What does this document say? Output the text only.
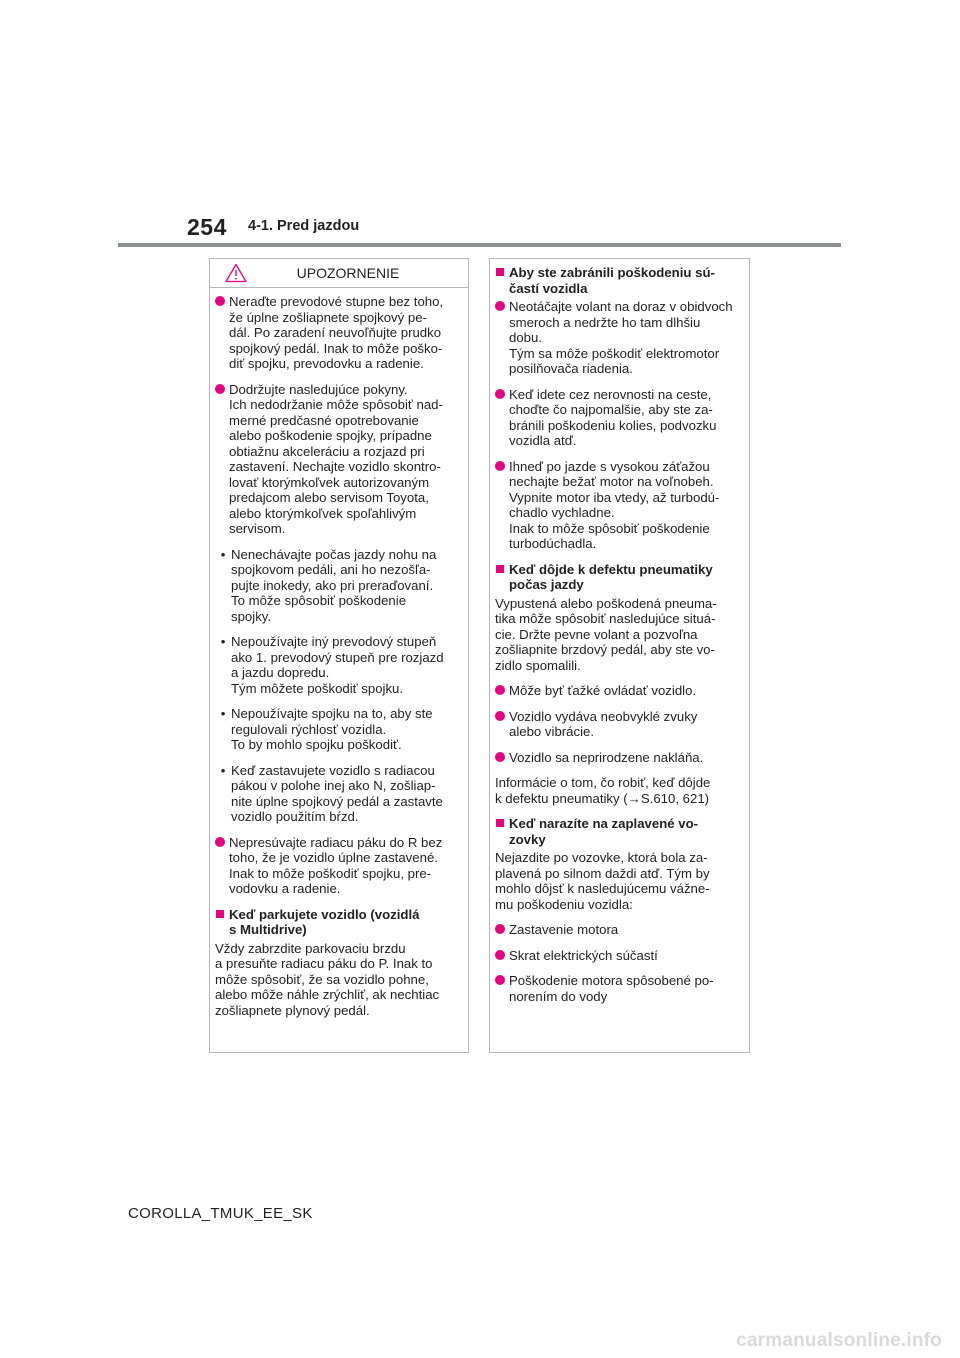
254 4-1. Pred jazdou
UPOZORNENIE
Neraďte prevodové stupne bez toho,
že úplne zošliapnete spojkový pe-
dál. Po zaradení neuvoľňujte prudko
spojkový pedál. Inak to môže poško-
diť spojku, prevodovku a radenie.
Dodržujte nasledujúce pokyny.
Ich nedodržanie môže spôsobiť nad-
merné predčasné opotrebovanie
alebo poškodenie spojky, prípadne
obtiažnu akceleráciu a rozjazd pri
zastavení. Nechajte vozidlo skontro-
lovať ktorýmkoľvek autorizovaným
predajcom alebo servisom Toyota,
alebo ktorýmkoľvek spoľahlivým
servisom.
• Nenechávajte počas jazdy nohu na
spojkovom pedáli, ani ho nezošľa-
pujte inokedy, ako pri preraďovaní.
To môže spôsobiť poškodenie
spojky.
• Nepoužívajte iný prevodový stupeň
ako 1. prevodový stupeň pre rozjazd
a jazdu dopredu.
Tým môžete poškodiť spojku.
• Nepoužívajte spojku na to, aby ste
regulovali rýchlosť vozidla.
To by mohlo spojku poškodiť.
• Keď zastavujete vozidlo s radiacou
pákou v polohe inej ako N, zošliap-
nite úplne spojkový pedál a zastavte
vozidlo použitím bŕzd.
Nepresúvajte radiacu páku do R bez
toho, že je vozidlo úplne zastavené.
Inak to môže poškodiť spojku, pre-
vodovku a radenie.
Keď parkujete vozidlo (vozidlá
s Multidrive)
Vždy zabrzdite parkovaciu brzdu
a presuňte radiacu páku do P. Inak to
môže spôsobiť, že sa vozidlo pohne,
alebo môže náhle zrýchliť, ak nechtiac
zošliapnete plynový pedál.
Aby ste zabránili poškodeniu sú-
častí vozidla
Neotáčajte volant na doraz v obidvoch
smeroch a nedržte ho tam dlhšiu
dobu.
Tým sa môže poškodiť elektromotor
posilňovača riadenia.
Keď idete cez nerovnosti na ceste,
choďte čo najpomalšie, aby ste za-
bránili poškodeniu kolies, podvozku
vozidla atď.
Ihneď po jazde s vysokou záťažou
nechajte bežať motor na voľnobeh.
Vypnite motor iba vtedy, až turbodú-
chadlo vychladne.
Inak to môže spôsobiť poškodenie
turbodúchadla.
Keď dôjde k defektu pneumatiky
počas jazdy
Vypustená alebo poškodená pneuma-
tika môže spôsobiť nasledujúce situá-
cie. Držte pevne volant a pozvoľna
zošliapnite brzdový pedál, aby ste vo-
zidlo spomalili.
Môže byť ťažké ovládať vozidlo.
Vozidlo vydáva neobvyklé zvuky
alebo vibrácie.
Vozidlo sa neprirodzene nakláňa.
Informácie o tom, čo robiť, keď dôjde
k defektu pneumatiky (→S.610, 621)
Keď narazíte na zaplavené vo-
zovky
Nejazdite po vozovke, ktorá bola za-
plavená po silnom daždi atď. Tým by
mohlo dôjsť k nasledujúcemu vážne-
mu poškodeniu vozidla:
Zastavenie motora
Skrat elektrických súčastí
Poškodenie motora spôsobené po-
norením do vody
COROLLA_TMUK_EE_SK
carmanualsonline.info
